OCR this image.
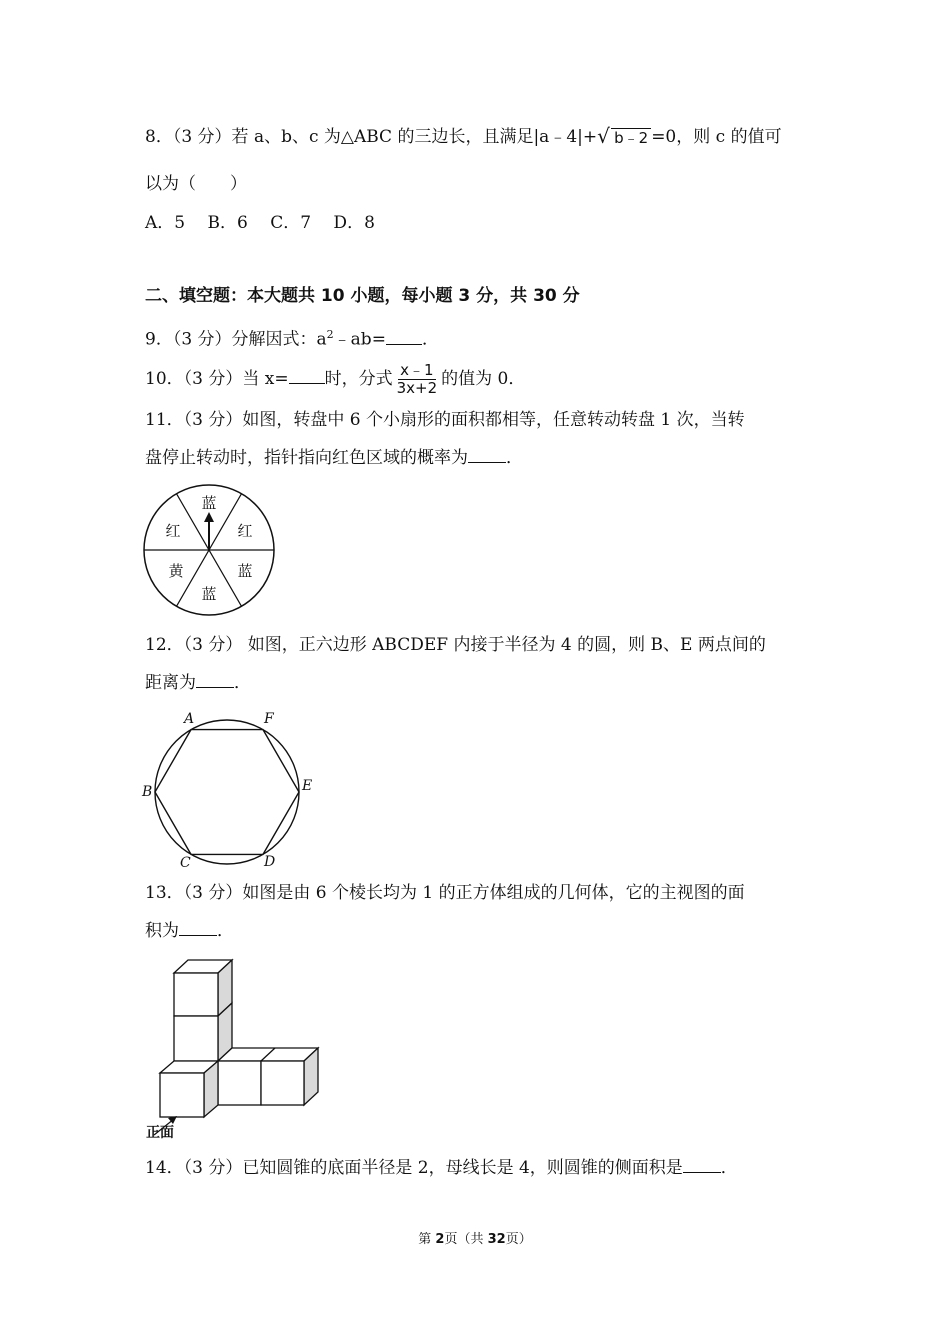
8．（3 分）若 a、b、c 为△ABC 的三边长，且满足|a﹣4|+ √ b﹣2 =0，则 c 的值可
以为（　　）
A．5　 B．6　 C．7　 D．8
二、填空题：本大题共 10 小题，每小题 3 分，共 30 分
9．（3 分）分解因式：$a^2﹣ab=$ ．
10．（3 分）当 x= 时，分式 $\frac{x﹣1}{3x+2}$ 的值为 0．
11．（3 分）如图，转盘中 6 个小扇形的面积都相等，任意转动转盘 1 次，当转
盘停止转动时，指针指向红色区域的概率为 ．
蓝
红
蓝
蓝
黄
红
12．（3 分） 如图，正六边形 ABCDEF 内接于半径为 4 的圆，则 B、E 两点间的
距离为 ．
A	F
B	E
C	D
13．（3 分）如图是由 6 个棱长均为 1 的正方体组成的几何体，它的主视图的面
积为 ．
正面
14．（3 分）已知圆锥的底面半径是 2，母线长是 4，则圆锥的侧面积是 ．
第 2页（共 32页）
